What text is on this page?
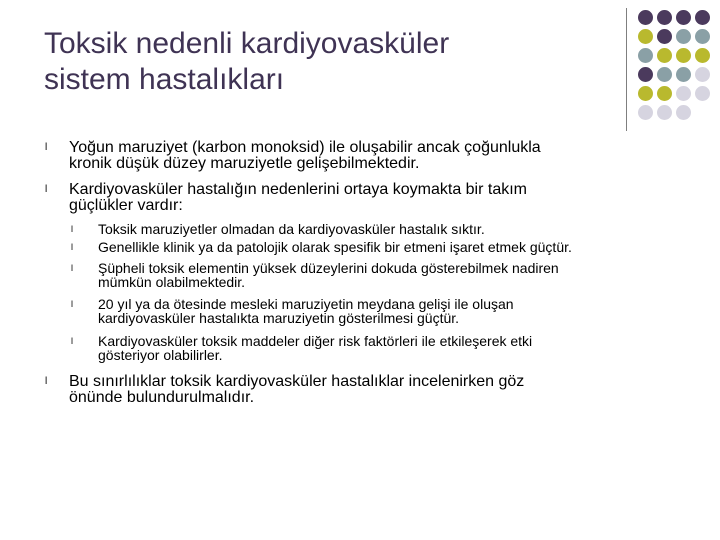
Toksik nedenli kardiyovasküler
sistem hastalıkları
l	Yoğun maruziyet (karbon monoksid) ile oluşabilir ancak çoğunlukla
kronik düşük düzey maruziyetle gelişebilmektedir.
l	Kardiyovasküler hastalığın nedenlerini ortaya koymakta bir takım
güçlükler vardır:
l Toksik maruziyetler olmadan da kardiyovasküler hastalık sıktır.
l Genellikle klinik ya da patolojik olarak spesifik bir etmeni işaret etmek güçtür.
l Şüpheli toksik elementin yüksek düzeylerini dokuda gösterebilmek nadiren
mümkün olabilmektedir.
l 20 yıl ya da ötesinde mesleki maruziyetin meydana gelişi ile oluşan
kardiyovasküler hastalıkta maruziyetin gösterilmesi güçtür.
l Kardiyovasküler toksik maddeler diğer risk faktörleri ile etkileşerek etki
gösteriyor olabilirler.
l	Bu sınırlılıklar toksik kardiyovasküler hastalıklar incelenirken göz
önünde bulundurulmalıdır.
